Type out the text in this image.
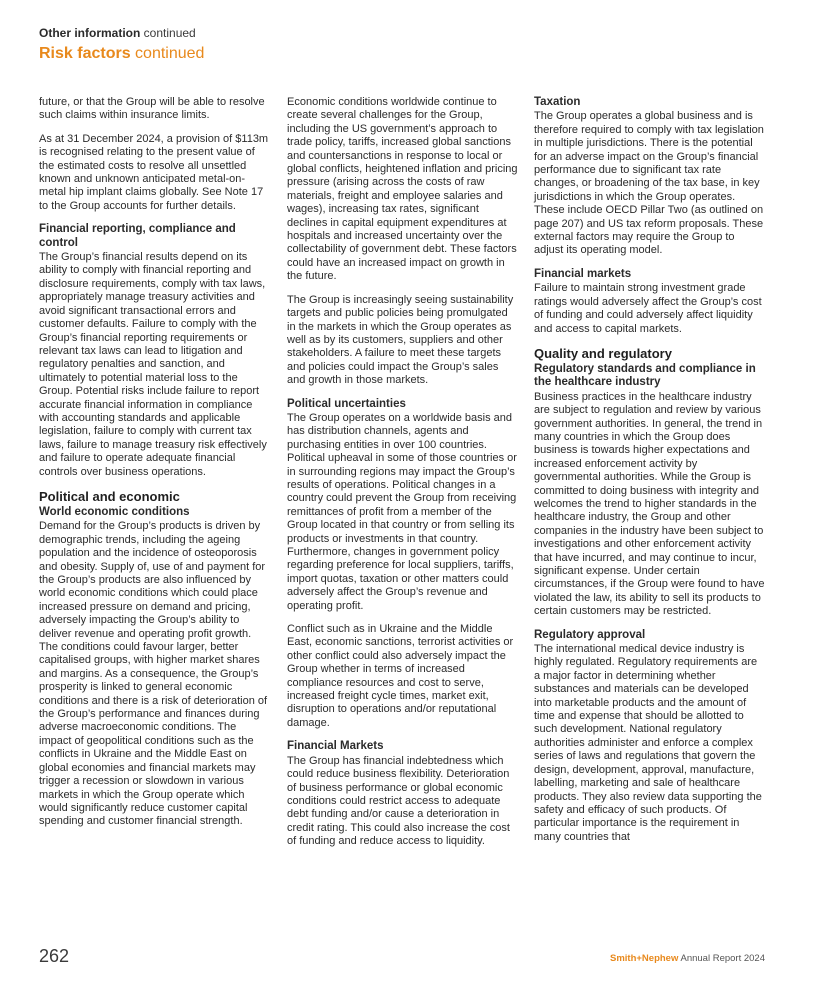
Other information continued
Risk factors continued

future, or that the Group will be able to resolve such claims within insurance limits.

As at 31 December 2024, a provision of $113m is recognised relating to the present value of the estimated costs to resolve all unsettled known and unknown anticipated metal-on-metal hip implant claims globally. See Note 17 to the Group accounts for further details.

Financial reporting, compliance and control

The Group’s financial results depend on its ability to comply with financial reporting and disclosure requirements, comply with tax laws, appropriately manage treasury activities and avoid significant transactional errors and customer defaults. Failure to comply with the Group’s financial reporting requirements or relevant tax laws can lead to litigation and regulatory penalties and sanction, and ultimately to potential material loss to the Group. Potential risks include failure to report accurate financial information in compliance with accounting standards and applicable legislation, failure to comply with current tax laws, failure to manage treasury risk effectively and failure to operate adequate financial controls over business operations.

Political and economic
World economic conditions

Demand for the Group’s products is driven by demographic trends, including the ageing population and the incidence of osteoporosis and obesity. Supply of, use of and payment for the Group’s products are also influenced by world economic conditions which could place increased pressure on demand and pricing, adversely impacting the Group’s ability to deliver revenue and operating profit growth. The conditions could favour larger, better capitalised groups, with higher market shares and margins. As a consequence, the Group’s prosperity is linked to general economic conditions and there is a risk of deterioration of the Group’s performance and finances during adverse macroeconomic conditions. The impact of geopolitical conditions such as the conflicts in Ukraine and the Middle East on global economies and financial markets may trigger a recession or slowdown in various markets in which the Group operate which would significantly reduce customer capital spending and customer financial strength.

Economic conditions worldwide continue to create several challenges for the Group, including the US government’s approach to trade policy, tariffs, increased global sanctions and countersanctions in response to local or global conflicts, heightened inflation and pricing pressure (arising across the costs of raw materials, freight and employee salaries and wages), increasing tax rates, significant declines in capital equipment expenditures at hospitals and increased uncertainty over the collectability of government debt. These factors could have an increased impact on growth in the future.

The Group is increasingly seeing sustainability targets and public policies being promulgated in the markets in which the Group operates as well as by its customers, suppliers and other stakeholders. A failure to meet these targets and policies could impact the Group’s sales and growth in those markets.

Political uncertainties

The Group operates on a worldwide basis and has distribution channels, agents and purchasing entities in over 100 countries. Political upheaval in some of those countries or in surrounding regions may impact the Group’s results of operations. Political changes in a country could prevent the Group from receiving remittances of profit from a member of the Group located in that country or from selling its products or investments in that country. Furthermore, changes in government policy regarding preference for local suppliers, tariffs, import quotas, taxation or other matters could adversely affect the Group’s revenue and operating profit.

Conflict such as in Ukraine and the Middle East, economic sanctions, terrorist activities or other conflict could also adversely impact the Group whether in terms of increased compliance resources and cost to serve, increased freight cycle times, market exit, disruption to operations and/or reputational damage.

Financial Markets

The Group has financial indebtedness which could reduce business flexibility. Deterioration of business performance or global economic conditions could restrict access to adequate debt funding and/or cause a deterioration in credit rating. This could also increase the cost of funding and reduce access to liquidity.

Taxation

The Group operates a global business and is therefore required to comply with tax legislation in multiple jurisdictions. There is the potential for an adverse impact on the Group’s financial performance due to significant tax rate changes, or broadening of the tax base, in key jurisdictions in which the Group operates. These include OECD Pillar Two (as outlined on page 207) and US tax reform proposals. These external factors may require the Group to adjust its operating model.

Financial markets

Failure to maintain strong investment grade ratings would adversely affect the Group’s cost of funding and could adversely affect liquidity and access to capital markets.

Quality and regulatory
Regulatory standards and compliance in the healthcare industry

Business practices in the healthcare industry are subject to regulation and review by various government authorities. In general, the trend in many countries in which the Group does business is towards higher expectations and increased enforcement activity by governmental authorities. While the Group is committed to doing business with integrity and welcomes the trend to higher standards in the healthcare industry, the Group and other companies in the industry have been subject to investigations and other enforcement activity that have incurred, and may continue to incur, significant expense. Under certain circumstances, if the Group were found to have violated the law, its ability to sell its products to certain customers may be restricted.

Regulatory approval

The international medical device industry is highly regulated. Regulatory requirements are a major factor in determining whether substances and materials can be developed into marketable products and the amount of time and expense that should be allotted to such development. National regulatory authorities administer and enforce a complex series of laws and regulations that govern the design, development, approval, manufacture, labelling, marketing and sale of healthcare products. They also review data supporting the safety and efficacy of such products. Of particular importance is the requirement in many countries that

262	Smith+Nephew Annual Report 2024
